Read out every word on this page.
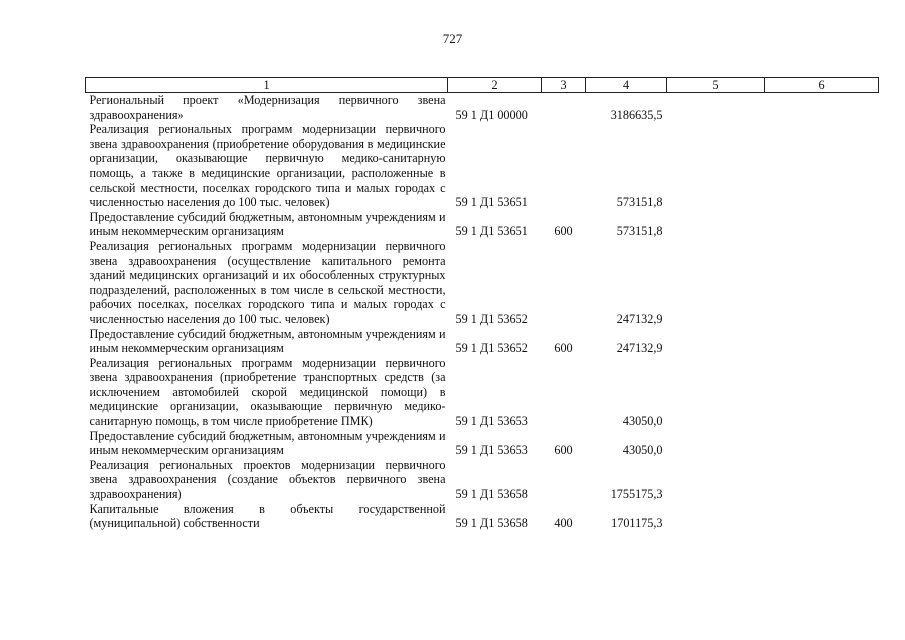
727
1	2	3	4	5	6
Региональный проект «Модернизация первичного звена здравоохранения»	59 1 Д1 00000		3186635,5		
Реализация региональных программ модернизации первичного звена здравоохранения (приобретение оборудования в медицинские организации, оказывающие первичную медико-санитарную помощь, а также в медицинские организации, расположенные в сельской местности, поселках городского типа и малых городах с численностью населения до 100 тыс. человек)	59 1 Д1 53651		573151,8		
Предоставление субсидий бюджетным, автономным учреждениям и иным некоммерческим организациям	59 1 Д1 53651	600	573151,8		
Реализация региональных программ модернизации первичного звена здравоохранения (осуществление капитального ремонта зданий медицинских организаций и их обособленных структурных подразделений, расположенных в том числе в сельской местности, рабочих поселках, поселках городского типа и малых городах с численностью населения до 100 тыс. человек)	59 1 Д1 53652		247132,9		
Предоставление субсидий бюджетным, автономным учреждениям и иным некоммерческим организациям	59 1 Д1 53652	600	247132,9		
Реализация региональных программ модернизации первичного звена здравоохранения (приобретение транспортных средств (за исключением автомобилей скорой медицинской помощи) в медицинские организации, оказывающие первичную медико-санитарную помощь, в том числе приобретение ПМК)	59 1 Д1 53653		43050,0		
Предоставление субсидий бюджетным, автономным учреждениям и иным некоммерческим организациям	59 1 Д1 53653	600	43050,0		
Реализация региональных проектов модернизации первичного звена здравоохранения (создание объектов первичного звена здравоохранения)	59 1 Д1 53658		1755175,3		
Капитальные вложения в объекты государственной (муниципальной) собственности	59 1 Д1 53658	400	1701175,3		
